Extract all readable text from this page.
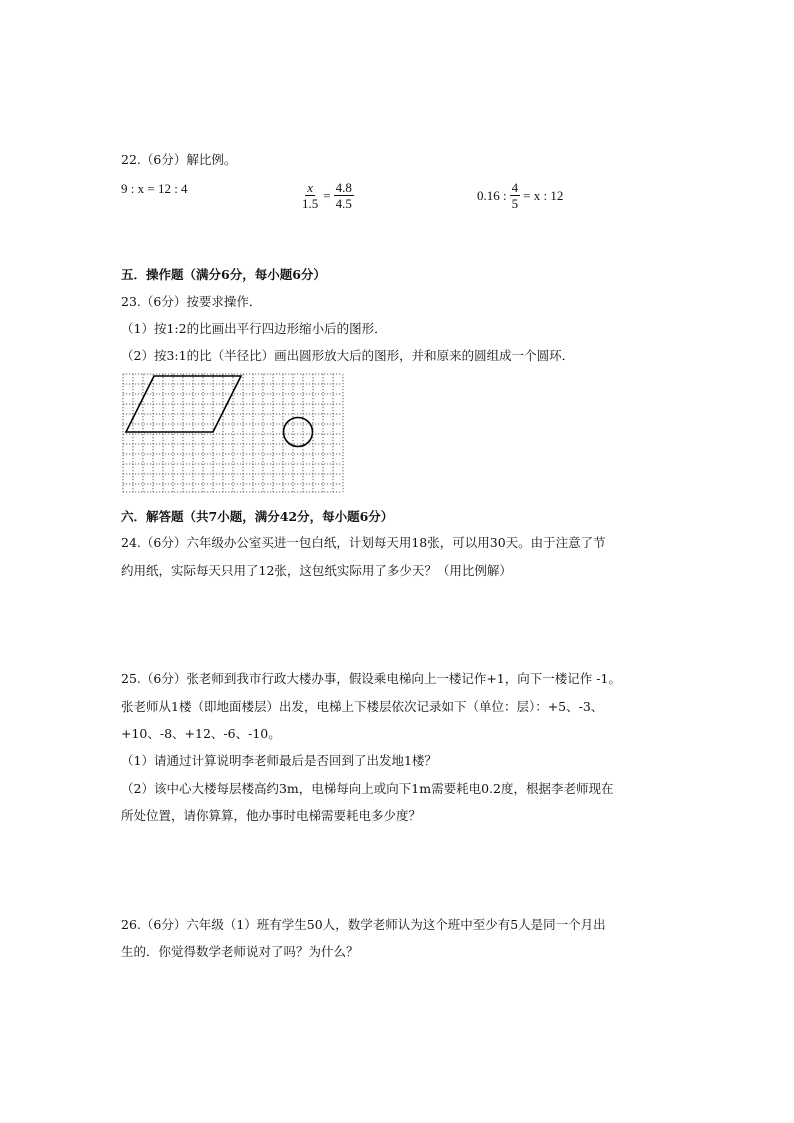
22.（6分）解比例。
9 : x = 12 : 4	$\frac{x}{1.5} = \frac{4.8}{4.5}$	0.16 : $\frac{4}{5} = x$ : 12
五．操作题（满分6分，每小题6分）
23.（6分）按要求操作．
（1）按1:2的比画出平行四边形缩小后的图形．
（2）按3:1的比（半径比）画出圆形放大后的图形，并和原来的圆组成一个圆环．
六．解答题（共7小题，满分42分，每小题6分）
24.（6分）六年级办公室买进一包白纸，计划每天用18张，可以用30天。由于注意了节
约用纸，实际每天只用了12张，这包纸实际用了多少天？（用比例解）
25.（6分）张老师到我市行政大楼办事，假设乘电梯向上一楼记作+1，向下一楼记作 -1。
张老师从1楼（即地面楼层）出发，电梯上下楼层依次记录如下（单位：层）：+5、-3、
+10、-8、+12、-6、-10。
（1）请通过计算说明李老师最后是否回到了出发地1楼？
（2）该中心大楼每层楼高约3m，电梯每向上或向下1m需要耗电0.2度，根据李老师现在
所处位置，请你算算，他办事时电梯需要耗电多少度？
26.（6分）六年级（1）班有学生50人，数学老师认为这个班中至少有5人是同一个月出
生的．你觉得数学老师说对了吗？为什么？
